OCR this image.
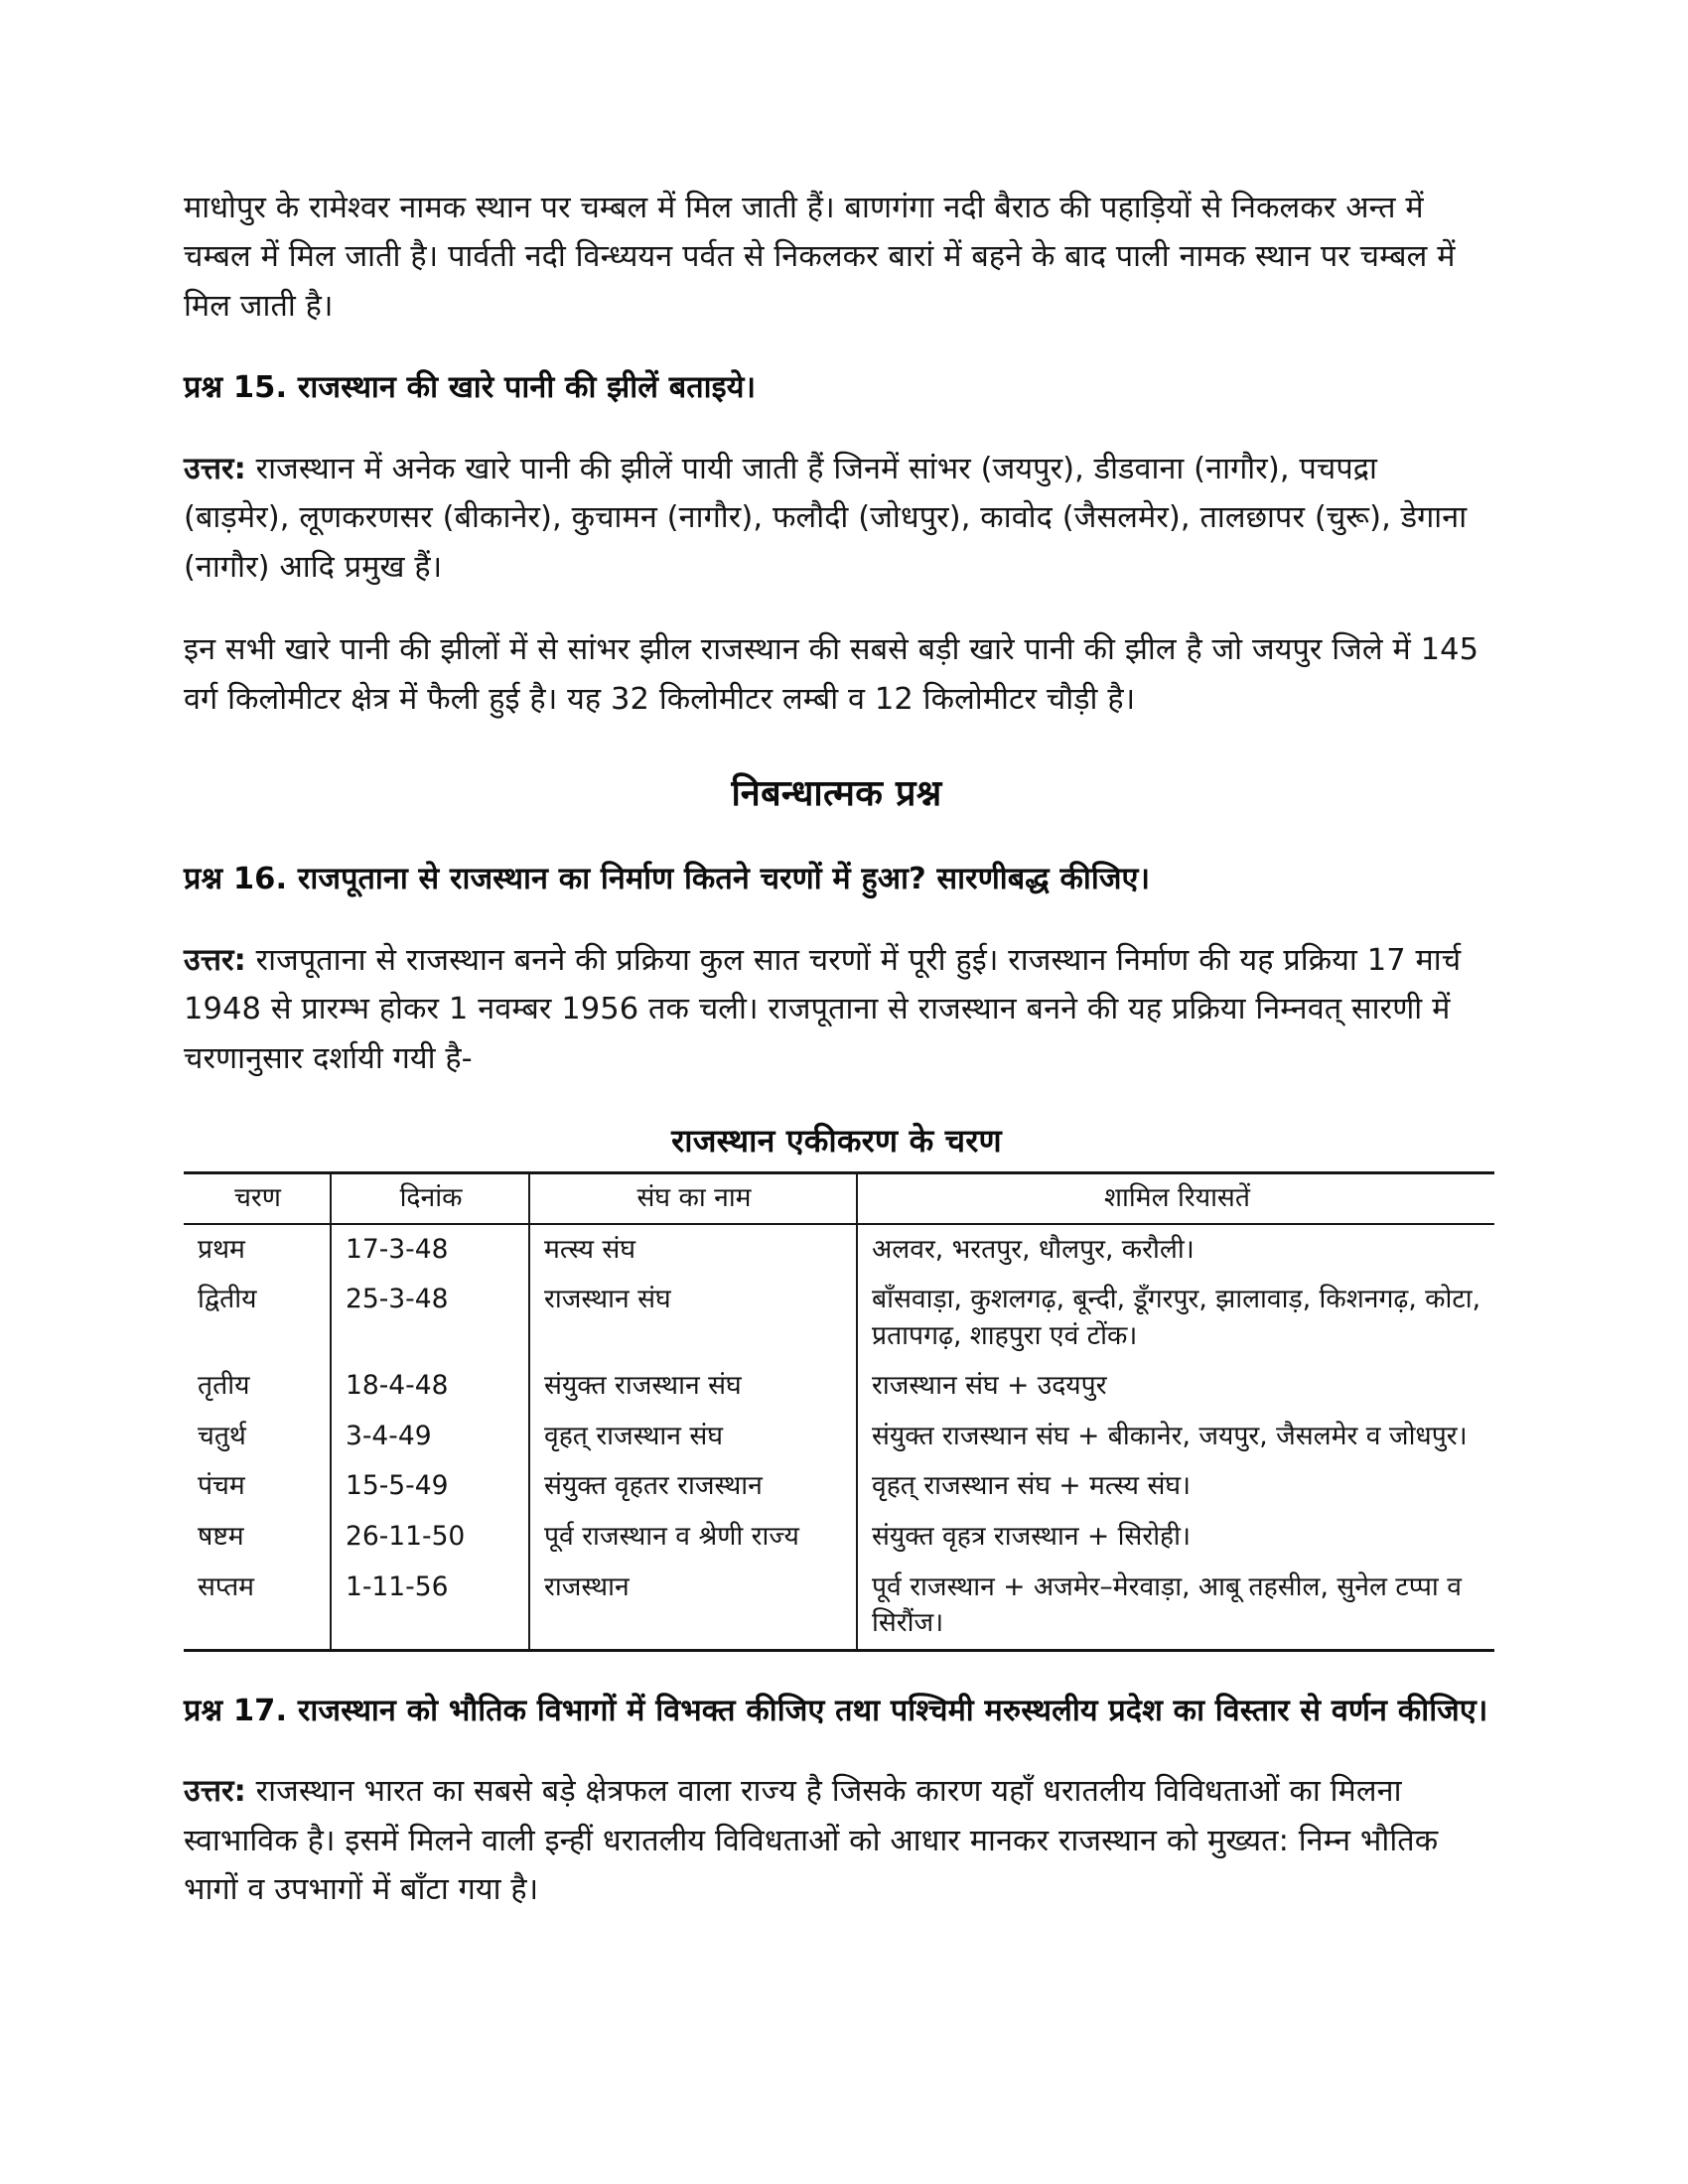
माधोपुर के रामेश्वर नामक स्थान पर चम्बल में मिल जाती हैं। बाणगंगा नदी बैराठ की पहाड़ियों से निकलकर अन्त में चम्बल में मिल जाती है। पार्वती नदी विन्ध्ययन पर्वत से निकलकर बारां में बहने के बाद पाली नामक स्थान पर चम्बल में मिल जाती है।

प्रश्न 15. राजस्थान की खारे पानी की झीलें बताइये।

उत्तर: राजस्थान में अनेक खारे पानी की झीलें पायी जाती हैं जिनमें सांभर (जयपुर), डीडवाना (नागौर), पचपद्रा (बाड़मेर), लूणकरणसर (बीकानेर), कुचामन (नागौर), फलौदी (जोधपुर), कावोद (जैसलमेर), तालछापर (चुरू), डेगाना (नागौर) आदि प्रमुख हैं।

इन सभी खारे पानी की झीलों में से सांभर झील राजस्थान की सबसे बड़ी खारे पानी की झील है जो जयपुर जिले में 145 वर्ग किलोमीटर क्षेत्र में फैली हुई है। यह 32 किलोमीटर लम्बी व 12 किलोमीटर चौड़ी है।

निबन्धात्मक प्रश्न
प्रश्न 16. राजपूताना से राजस्थान का निर्माण कितने चरणों में हुआ? सारणीबद्ध कीजिए।

उत्तर: राजपूताना से राजस्थान बनने की प्रक्रिया कुल सात चरणों में पूरी हुई। राजस्थान निर्माण की यह प्रक्रिया 17 मार्च 1948 से प्रारम्भ होकर 1 नवम्बर 1956 तक चली। राजपूताना से राजस्थान बनने की यह प्रक्रिया निम्नवत् सारणी में चरणानुसार दर्शायी गयी है-

राजस्थान एकीकरण के चरण
चरण	दिनांक	संघ का नाम	शामिल रियासतें
प्रथम	17-3-48	मत्स्य संघ	अलवर, भरतपुर, धौलपुर, करौली।
द्वितीय	25-3-48	राजस्थान संघ	बाँसवाड़ा, कुशलगढ़, बून्दी, डूँगरपुर, झालावाड़, किशनगढ़, कोटा, प्रतापगढ़, शाहपुरा एवं टोंक।
तृतीय	18-4-48	संयुक्त राजस्थान संघ	राजस्थान संघ + उदयपुर
चतुर्थ	3-4-49	वृहत् राजस्थान संघ	संयुक्त राजस्थान संघ + बीकानेर, जयपुर, जैसलमेर व जोधपुर।
पंचम	15-5-49	संयुक्त वृहतर राजस्थान	वृहत् राजस्थान संघ + मत्स्य संघ।
षष्टम	26-11-50	पूर्व राजस्थान व श्रेणी राज्य	संयुक्त वृहत्र राजस्थान + सिरोही।
सप्तम	1-11-56	राजस्थान	पूर्व राजस्थान + अजमेर–मेरवाड़ा, आबू तहसील, सुनेल टप्पा व सिरौंज।
प्रश्न 17. राजस्थान को भौतिक विभागों में विभक्त कीजिए तथा पश्चिमी मरुस्थलीय प्रदेश का विस्तार से वर्णन कीजिए।

उत्तर: राजस्थान भारत का सबसे बड़े क्षेत्रफल वाला राज्य है जिसके कारण यहाँ धरातलीय विविधताओं का मिलना स्वाभाविक है। इसमें मिलने वाली इन्हीं धरातलीय विविधताओं को आधार मानकर राजस्थान को मुख्यत: निम्न भौतिक भागों व उपभागों में बाँटा गया है।
